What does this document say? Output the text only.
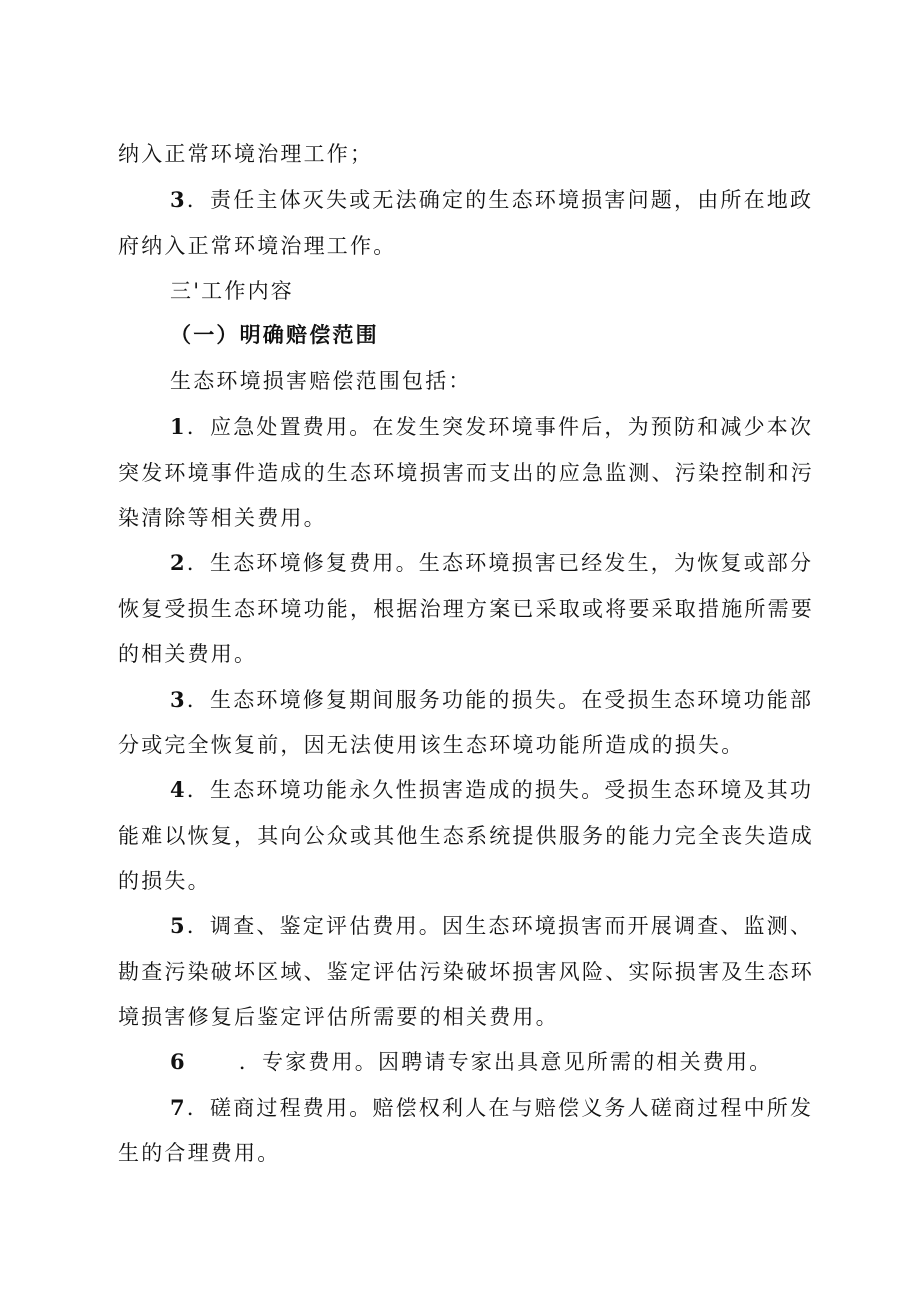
纳入正常环境治理工作；
3．责任主体灭失或无法确定的生态环境损害问题，由所在地政
府纳入正常环境治理工作。
三'工作内容
（一）明确赔偿范围
生态环境损害赔偿范围包括：
1．应急处置费用。在发生突发环境事件后，为预防和减少本次
突发环境事件造成的生态环境损害而支出的应急监测、污染控制和污
染清除等相关费用。
2．生态环境修复费用。生态环境损害已经发生，为恢复或部分
恢复受损生态环境功能，根据治理方案已采取或将要采取措施所需要
的相关费用。
3．生态环境修复期间服务功能的损失。在受损生态环境功能部
分或完全恢复前，因无法使用该生态环境功能所造成的损失。
4．生态环境功能永久性损害造成的损失。受损生态环境及其功
能难以恢复，其向公众或其他生态系统提供服务的能力完全丧失造成
的损失。
5．调查、鉴定评估费用。因生态环境损害而开展调查、监测、
勘查污染破坏区域、鉴定评估污染破坏损害风险、实际损害及生态环
境损害修复后鉴定评估所需要的相关费用。
6 ．专家费用。因聘请专家出具意见所需的相关费用。
7．磋商过程费用。赔偿权利人在与赔偿义务人磋商过程中所发
生的合理费用。
